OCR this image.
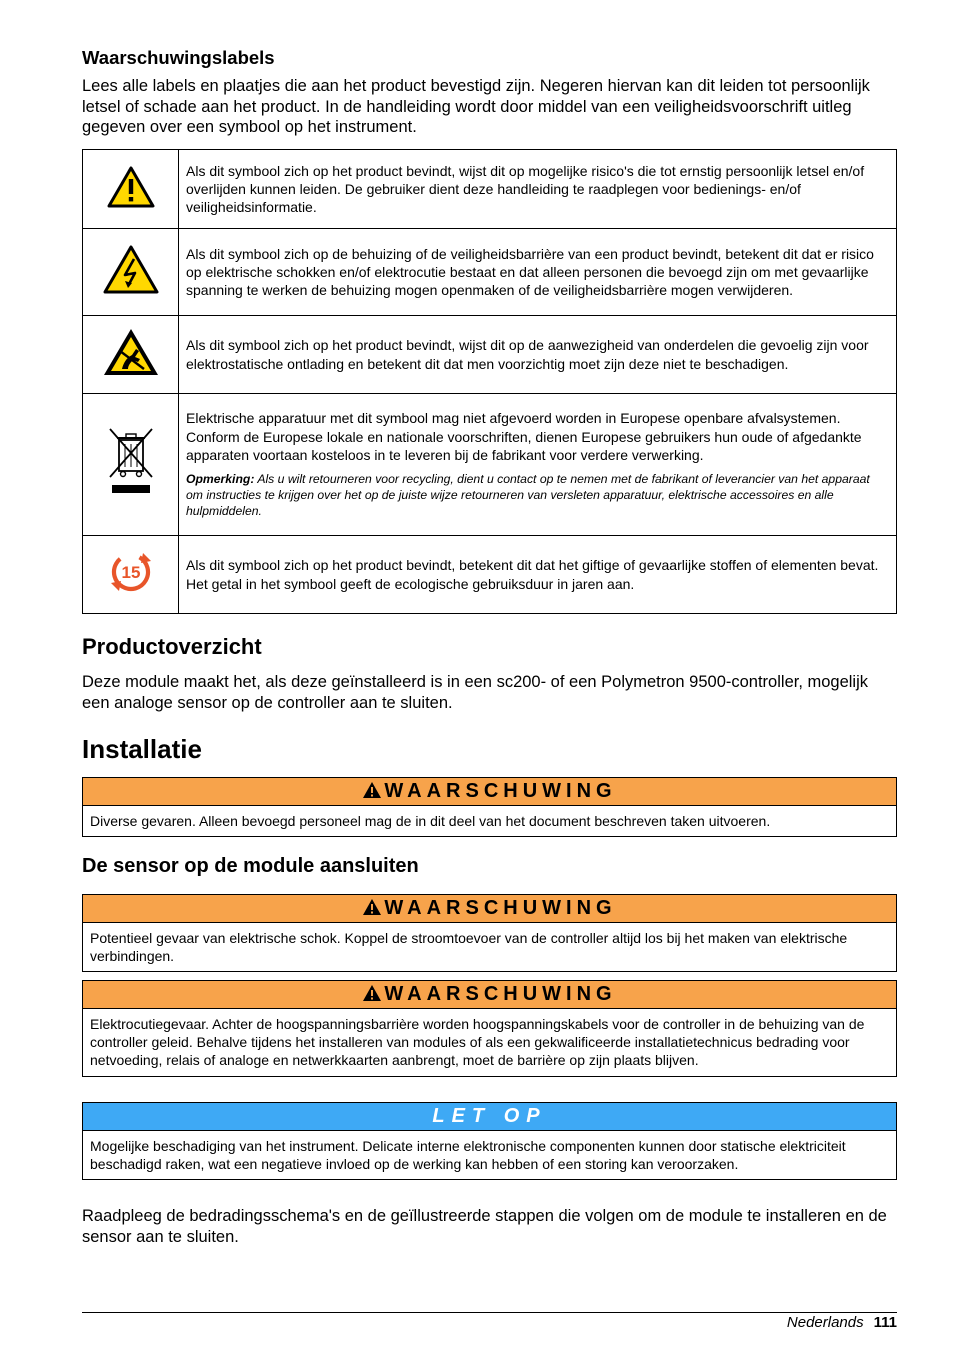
Waarschuwingslabels

Lees alle labels en plaatjes die aan het product bevestigd zijn. Negeren hiervan kan dit leiden tot persoonlijk letsel of schade aan het product. In de handleiding wordt door middel van een veiligheidsvoorschrift uitleg gegeven over een symbool op het instrument.

	Als dit symbool zich op het product bevindt, wijst dit op mogelijke risico's die tot ernstig persoonlijk letsel en/of overlijden kunnen leiden. De gebruiker dient deze handleiding te raadplegen voor bedienings- en/of veiligheidsinformatie.
	Als dit symbool zich op de behuizing of de veiligheidsbarrière van een product bevindt, betekent dit dat er risico op elektrische schokken en/of elektrocutie bestaat en dat alleen personen die bevoegd zijn om met gevaarlijke spanning te werken de behuizing mogen openmaken of de veiligheidsbarrière mogen verwijderen.
	Als dit symbool zich op het product bevindt, wijst dit op de aanwezigheid van onderdelen die gevoelig zijn voor elektrostatische ontlading en betekent dit dat men voorzichtig moet zijn deze niet te beschadigen.

Elektrische apparatuur met dit symbool mag niet afgevoerd worden in Europese openbare afvalsystemen. Conform de Europese lokale en nationale voorschriften, dienen Europese gebruikers hun oude of afgedankte apparaten voortaan kosteloos in te leveren bij de fabrikant voor verdere verwerking.

Opmerking: Als u wilt retourneren voor recycling, dient u contact op te nemen met de fabrikant of leverancier van het apparaat om instructies te krijgen over het op de juiste wijze retourneren van versleten apparatuur, elektrische accessoires en alle hulpmiddelen.

15	Als dit symbool zich op het product bevindt, betekent dit dat het giftige of gevaarlijke stoffen of elementen bevat. Het getal in het symbool geeft de ecologische gebruiksduur in jaren aan.
Productoverzicht

Deze module maakt het, als deze geïnstalleerd is in een sc200- of een Polymetron 9500-controller, mogelijk een analoge sensor op de controller aan te sluiten.

Installatie
WAARSCHUWING
Diverse gevaren. Alleen bevoegd personeel mag de in dit deel van het document beschreven taken uitvoeren.
De sensor op de module aansluiten
WAARSCHUWING
Potentieel gevaar van elektrische schok. Koppel de stroomtoevoer van de controller altijd los bij het maken van elektrische verbindingen.
WAARSCHUWING
Elektrocutiegevaar. Achter de hoogspanningsbarrière worden hoogspanningskabels voor de controller in de behuizing van de controller geleid. Behalve tijdens het installeren van modules of als een gekwalificeerde installatietechnicus bedrading voor netvoeding, relais of analoge en netwerkkaarten aanbrengt, moet de barrière op zijn plaats blijven.
LET OP
Mogelijke beschadiging van het instrument. Delicate interne elektronische componenten kunnen door statische elektriciteit beschadigd raken, wat een negatieve invloed op de werking kan hebben of een storing kan veroorzaken.

Raadpleeg de bedradingsschema's en de geïllustreerde stappen die volgen om de module te installeren en de sensor aan te sluiten.

Nederlands 111
